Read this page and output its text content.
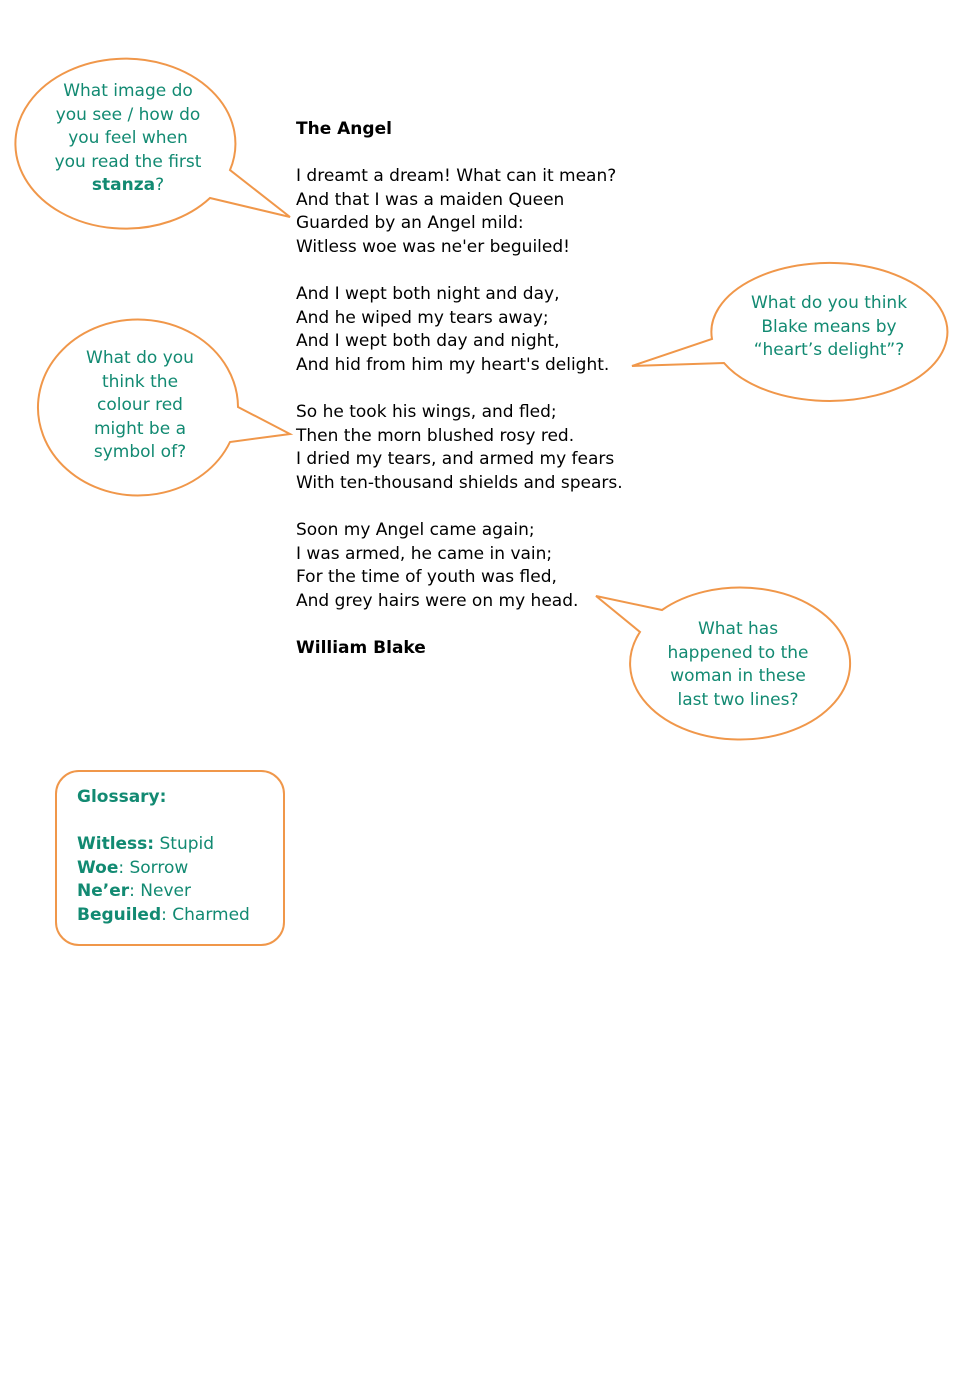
What image do
you see / how do
you feel when
you read the first
stanza?
What do you think
Blake means by
“heart’s delight”?
What do you
think the
colour red
might be a
symbol of?
What has
happened to the
woman in these
last two lines?
The Angel
I dreamt a dream! What can it mean?
And that I was a maiden Queen
Guarded by an Angel mild:
Witless woe was ne'er beguiled!
And I wept both night and day,
And he wiped my tears away;
And I wept both day and night,
And hid from him my heart's delight.
So he took his wings, and fled;
Then the morn blushed rosy red.
I dried my tears, and armed my fears
With ten-thousand shields and spears.
Soon my Angel came again;
I was armed, he came in vain;
For the time of youth was fled,
And grey hairs were on my head.
William Blake
Glossary:
Witless: Stupid
Woe: Sorrow
Ne’er: Never
Beguiled: Charmed
